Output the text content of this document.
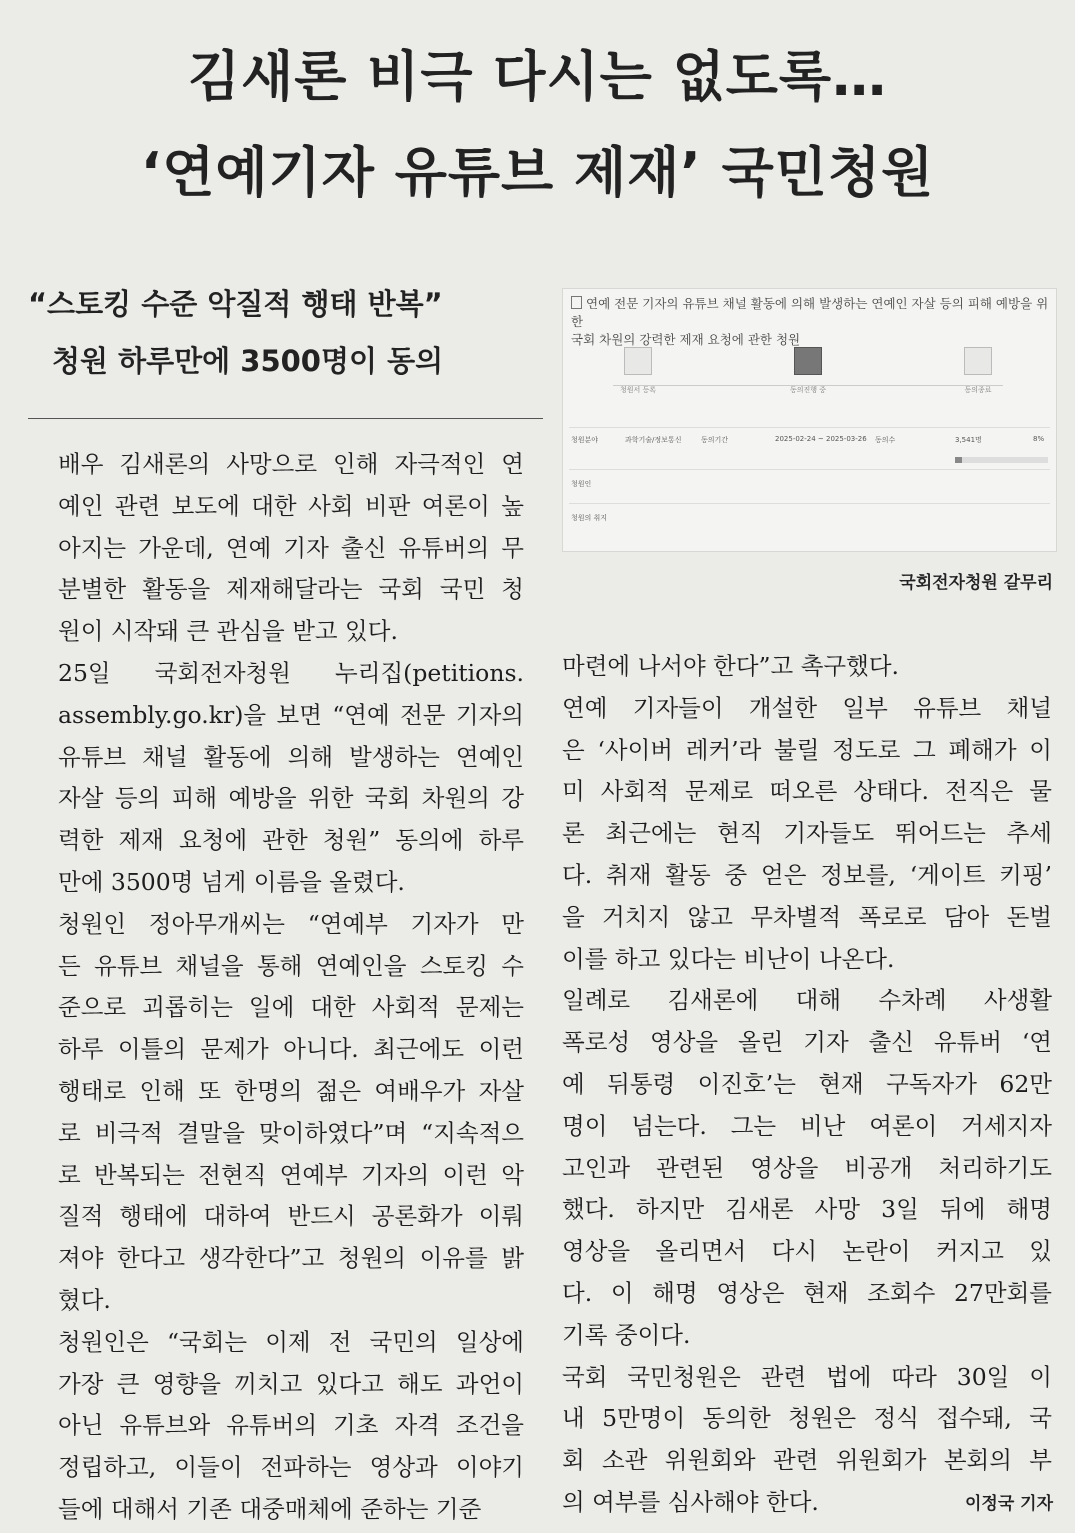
김새론 비극 다시는 없도록…
‘연예기자 유튜브 제재’ 국민청원
“스토킹 수준 악질적 행태 반복”
청원 하루만에 3500명이 동의
연예 전문 기자의 유튜브 채널 활동에 의해 발생하는 연예인 자살 등의 피해 예방을 위한
국회 차원의 강력한 제재 요청에 관한 청원
청원서 등록	동의진행 중	동의종료
청원분야	과학기술/정보통신	동의기간	2025-02-24 ~ 2025-03-26 동의수	3,541명	8%
청원인
청원의 취지
국회전자청원 갈무리
배우 김새론의 사망으로 인해 자극적인 연
예인 관련 보도에 대한 사회 비판 여론이 높
아지는 가운데, 연예 기자 출신 유튜버의 무
분별한 활동을 제재해달라는 국회 국민 청
원이 시작돼 큰 관심을 받고 있다.
25일 국회전자청원 누리집(petitions.
assembly.go.kr)을 보면 “연예 전문 기자의
유튜브 채널 활동에 의해 발생하는 연예인
자살 등의 피해 예방을 위한 국회 차원의 강
력한 제재 요청에 관한 청원” 동의에 하루
만에 3500명 넘게 이름을 올렸다.
청원인 정아무개씨는 “연예부 기자가 만
든 유튜브 채널을 통해 연예인을 스토킹 수
준으로 괴롭히는 일에 대한 사회적 문제는
하루 이틀의 문제가 아니다. 최근에도 이런
행태로 인해 또 한명의 젊은 여배우가 자살
로 비극적 결말을 맞이하였다”며 “지속적으
로 반복되는 전현직 연예부 기자의 이런 악
질적 행태에 대하여 반드시 공론화가 이뤄
져야 한다고 생각한다”고 청원의 이유를 밝
혔다.
청원인은 “국회는 이제 전 국민의 일상에
가장 큰 영향을 끼치고 있다고 해도 과언이
아닌 유튜브와 유튜버의 기초 자격 조건을
정립하고, 이들이 전파하는 영상과 이야기
들에 대해서 기존 대중매체에 준하는 기준
마련에 나서야 한다”고 촉구했다.
연예 기자들이 개설한 일부 유튜브 채널
은 ‘사이버 레커’라 불릴 정도로 그 폐해가 이
미 사회적 문제로 떠오른 상태다. 전직은 물
론 최근에는 현직 기자들도 뛰어드는 추세
다. 취재 활동 중 얻은 정보를, ‘게이트 키핑’
을 거치지 않고 무차별적 폭로로 담아 돈벌
이를 하고 있다는 비난이 나온다.
일례로 김새론에 대해 수차례 사생활
폭로성 영상을 올린 기자 출신 유튜버 ‘연
예 뒤통령 이진호’는 현재 구독자가 62만
명이 넘는다. 그는 비난 여론이 거세지자
고인과 관련된 영상을 비공개 처리하기도
했다. 하지만 김새론 사망 3일 뒤에 해명
영상을 올리면서 다시 논란이 커지고 있
다. 이 해명 영상은 현재 조회수 27만회를
기록 중이다.
국회 국민청원은 관련 법에 따라 30일 이
내 5만명이 동의한 청원은 정식 접수돼, 국
회 소관 위원회와 관련 위원회가 본회의 부
의 여부를 심사해야 한다.	이정국 기자
